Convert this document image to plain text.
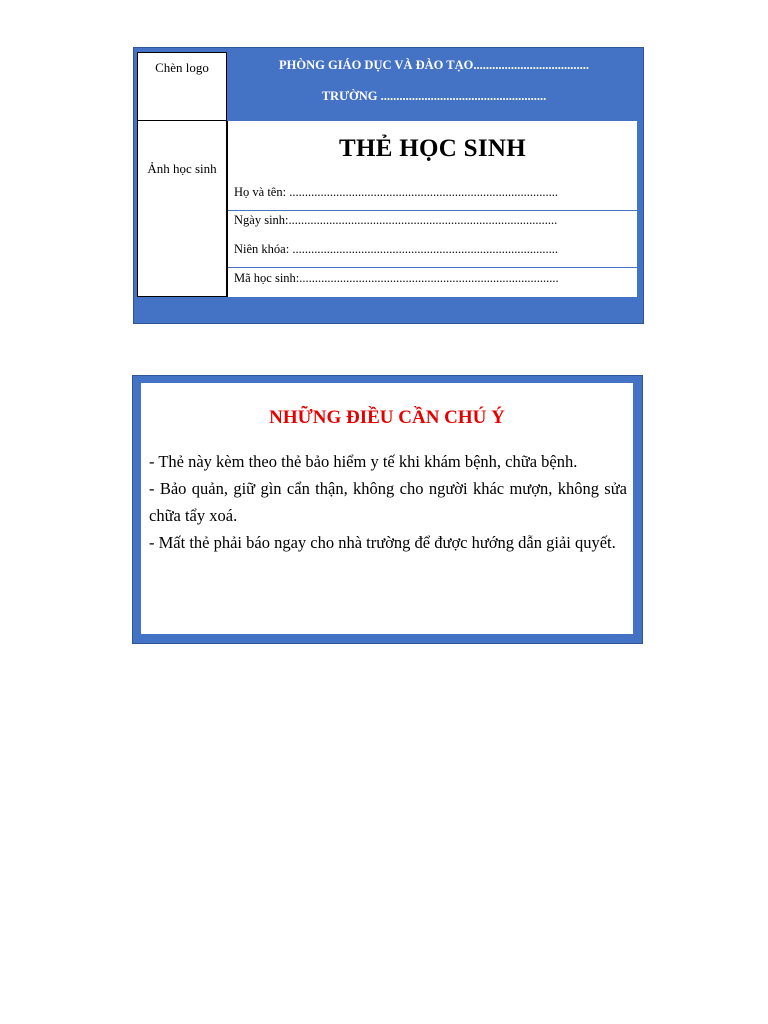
Chèn logo	PHÒNG GIÁO DỤC VÀ ĐÀO TẠO.....................................
TRƯỜNG .....................................................
Ảnh học sinh
THẺ HỌC SINH
Họ và tên: ......................................................................................
Ngày sinh:......................................................................................
Niên khóa: .....................................................................................
Mã học sinh:...................................................................................
NHỮNG ĐIỀU CẦN CHÚ Ý
- Thẻ này kèm theo thẻ bảo hiểm y tế khi khám bệnh, chữa bệnh.
- Bảo quản, giữ gìn cẩn thận, không cho người khác mượn, không sửa chữa tẩy xoá.
- Mất thẻ phải báo ngay cho nhà trường để được hướng dẫn giải quyết.
